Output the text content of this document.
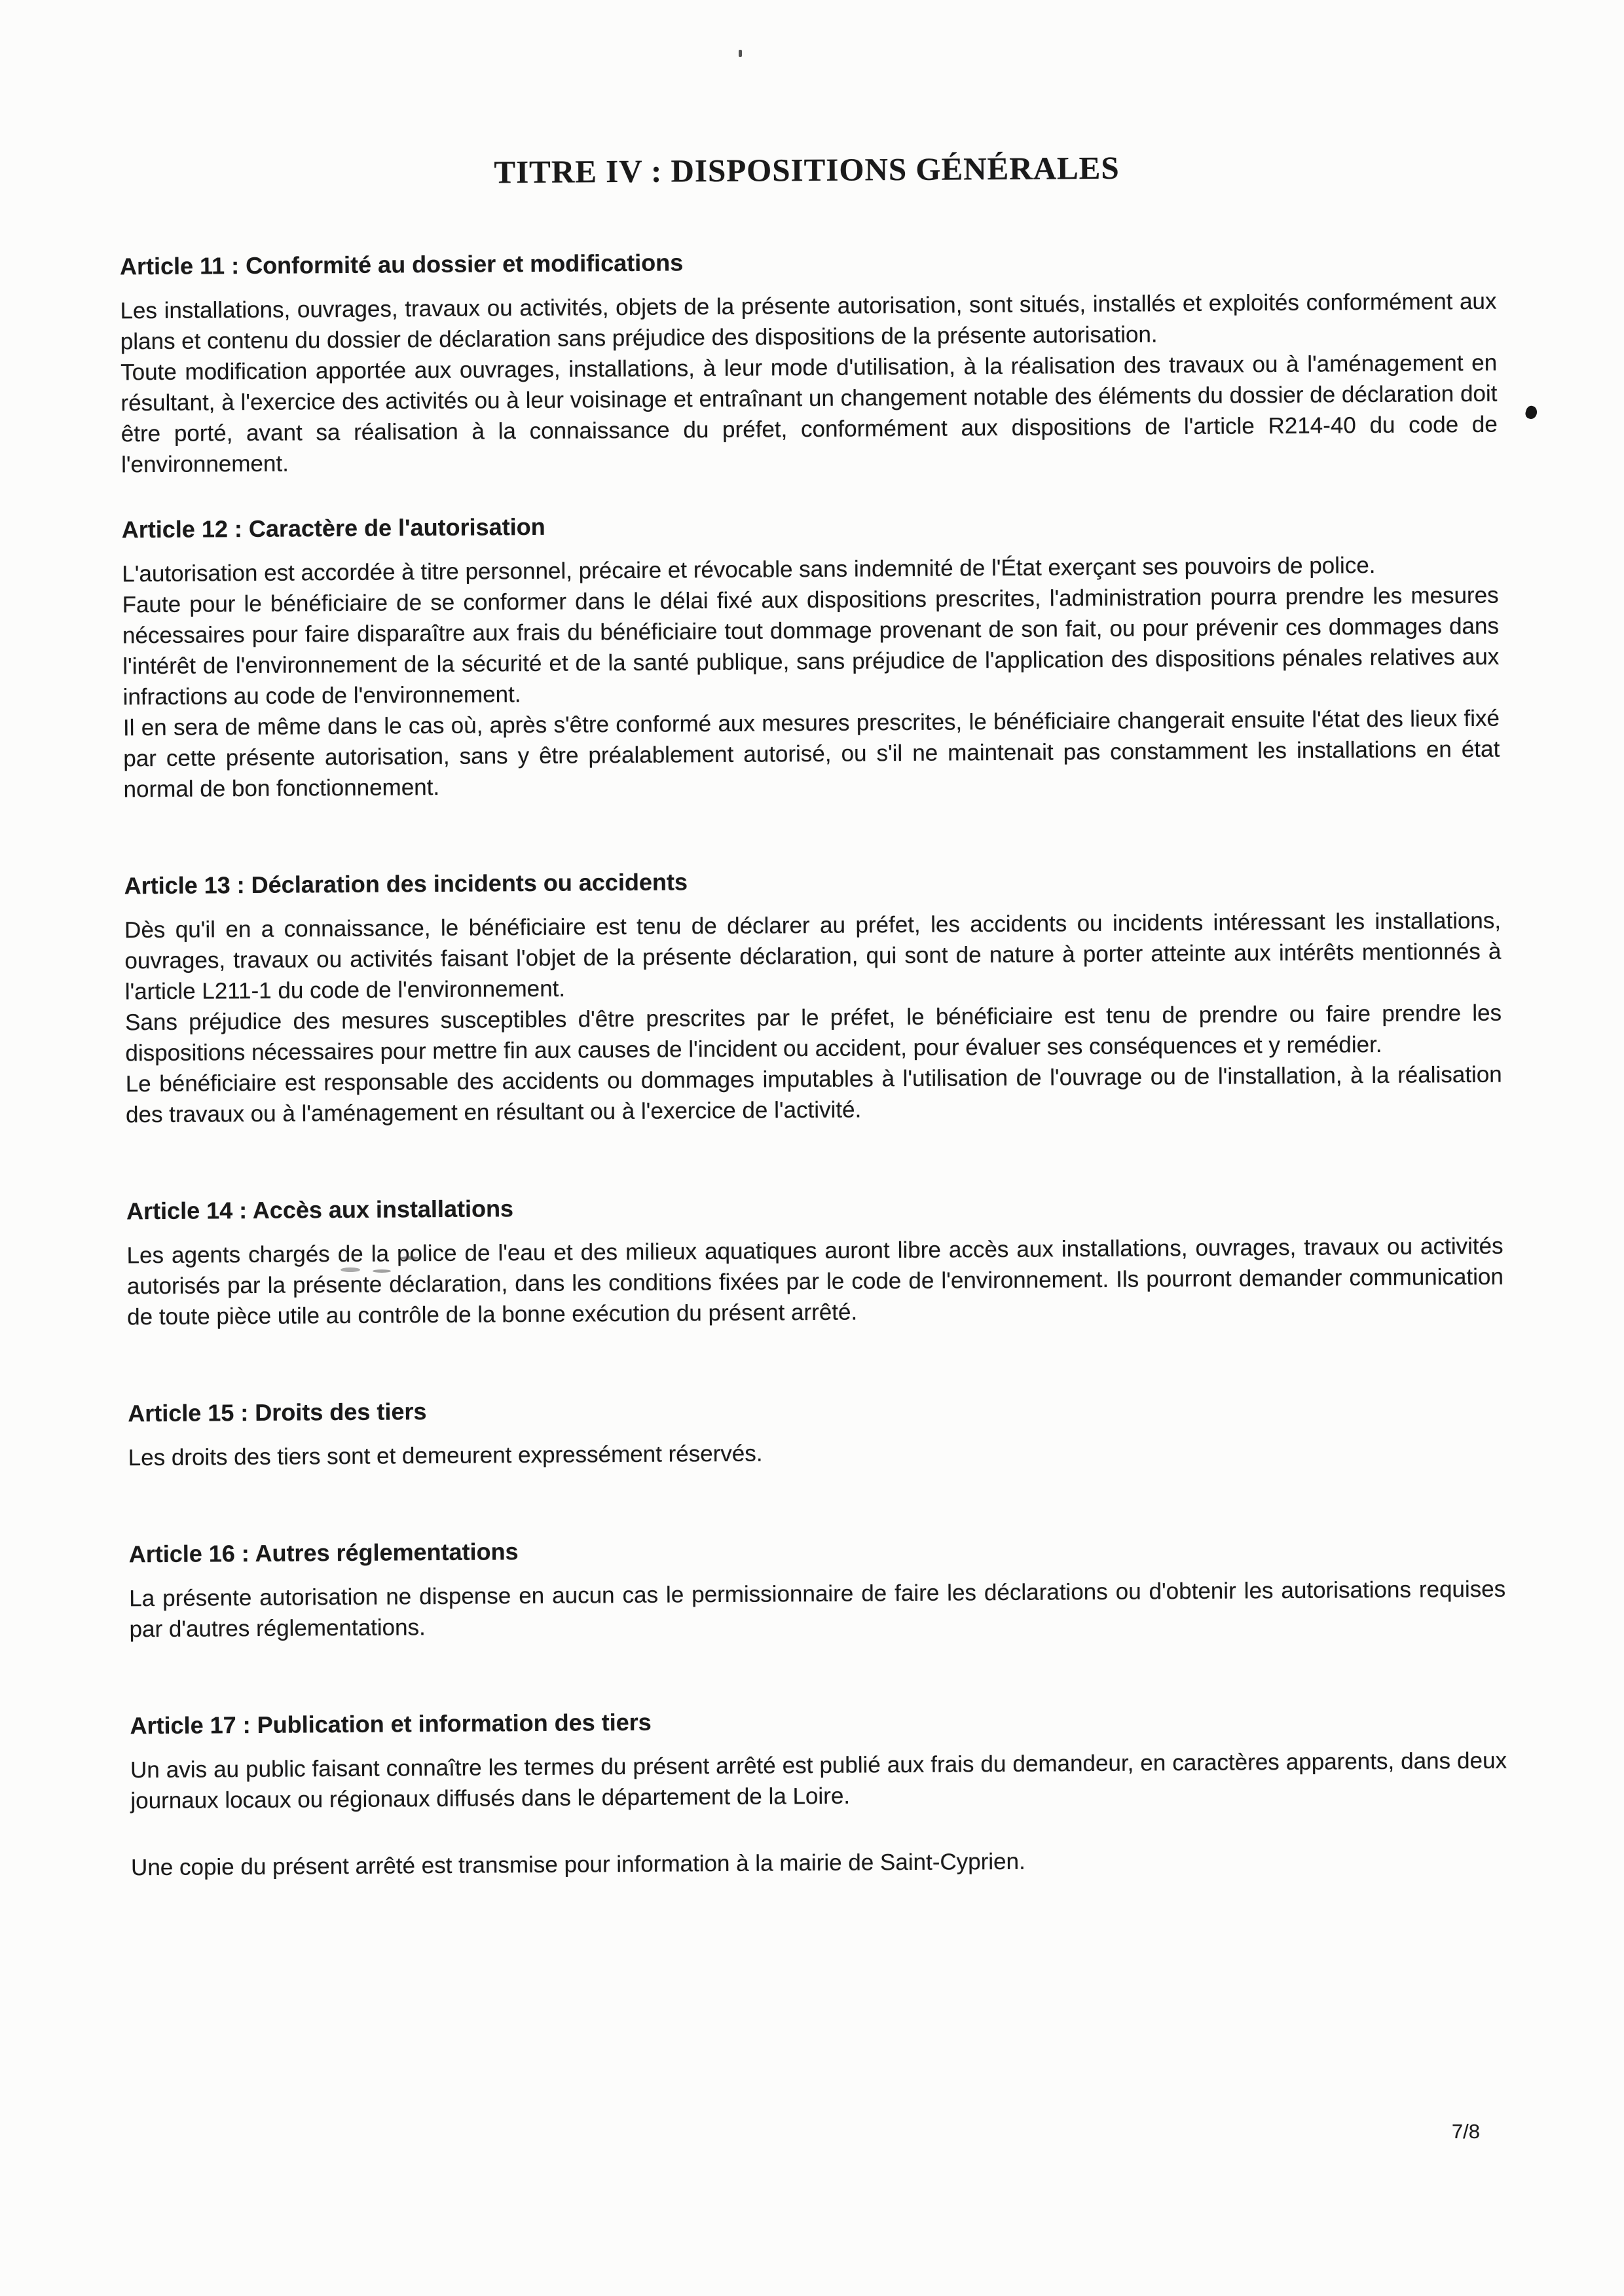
TITRE IV : DISPOSITIONS GÉNÉRALES
Article 11 : Conformité au dossier et modifications

Les installations, ouvrages, travaux ou activités, objets de la présente autorisation, sont situés, installés et exploités conformément aux plans et contenu du dossier de déclaration sans préjudice des dispositions de la présente autorisation.

Toute modification apportée aux ouvrages, installations, à leur mode d'utilisation, à la réalisation des travaux ou à l'aménagement en résultant, à l'exercice des activités ou à leur voisinage et entraînant un changement notable des éléments du dossier de déclaration doit être porté, avant sa réalisation à la connaissance du préfet, conformément aux dispositions de l'article R214-40 du code de l'environnement.

Article 12 : Caractère de l'autorisation

L'autorisation est accordée à titre personnel, précaire et révocable sans indemnité de l'État exerçant ses pouvoirs de police.

Faute pour le bénéficiaire de se conformer dans le délai fixé aux dispositions prescrites, l'administration pourra prendre les mesures nécessaires pour faire disparaître aux frais du bénéficiaire tout dommage provenant de son fait, ou pour prévenir ces dommages dans l'intérêt de l'environnement de la sécurité et de la santé publique, sans préjudice de l'application des dispositions pénales relatives aux infractions au code de l'environnement.

Il en sera de même dans le cas où, après s'être conformé aux mesures prescrites, le bénéficiaire changerait ensuite l'état des lieux fixé par cette présente autorisation, sans y être préalablement autorisé, ou s'il ne maintenait pas constamment les installations en état normal de bon fonctionnement.

Article 13 : Déclaration des incidents ou accidents

Dès qu'il en a connaissance, le bénéficiaire est tenu de déclarer au préfet, les accidents ou incidents intéressant les installations, ouvrages, travaux ou activités faisant l'objet de la présente déclaration, qui sont de nature à porter atteinte aux intérêts mentionnés à l'article L211-1 du code de l'environnement.

Sans préjudice des mesures susceptibles d'être prescrites par le préfet, le bénéficiaire est tenu de prendre ou faire prendre les dispositions nécessaires pour mettre fin aux causes de l'incident ou accident, pour évaluer ses conséquences et y remédier.

Le bénéficiaire est responsable des accidents ou dommages imputables à l'utilisation de l'ouvrage ou de l'installation, à la réalisation des travaux ou à l'aménagement en résultant ou à l'exercice de l'activité.

Article 14 : Accès aux installations

Les agents chargés de la police de l'eau et des milieux aquatiques auront libre accès aux installations, ouvrages, travaux ou activités autorisés par la présente déclaration, dans les conditions fixées par le code de l'environnement. Ils pourront demander communication de toute pièce utile au contrôle de la bonne exécution du présent arrêté.

Article 15 : Droits des tiers

Les droits des tiers sont et demeurent expressément réservés.

Article 16 : Autres réglementations

La présente autorisation ne dispense en aucun cas le permissionnaire de faire les déclarations ou d'obtenir les autorisations requises par d'autres réglementations.

Article 17 : Publication et information des tiers

Un avis au public faisant connaître les termes du présent arrêté est publié aux frais du demandeur, en caractères apparents, dans deux journaux locaux ou régionaux diffusés dans le département de la Loire.

Une copie du présent arrêté est transmise pour information à la mairie de Saint-Cyprien.

7/8
